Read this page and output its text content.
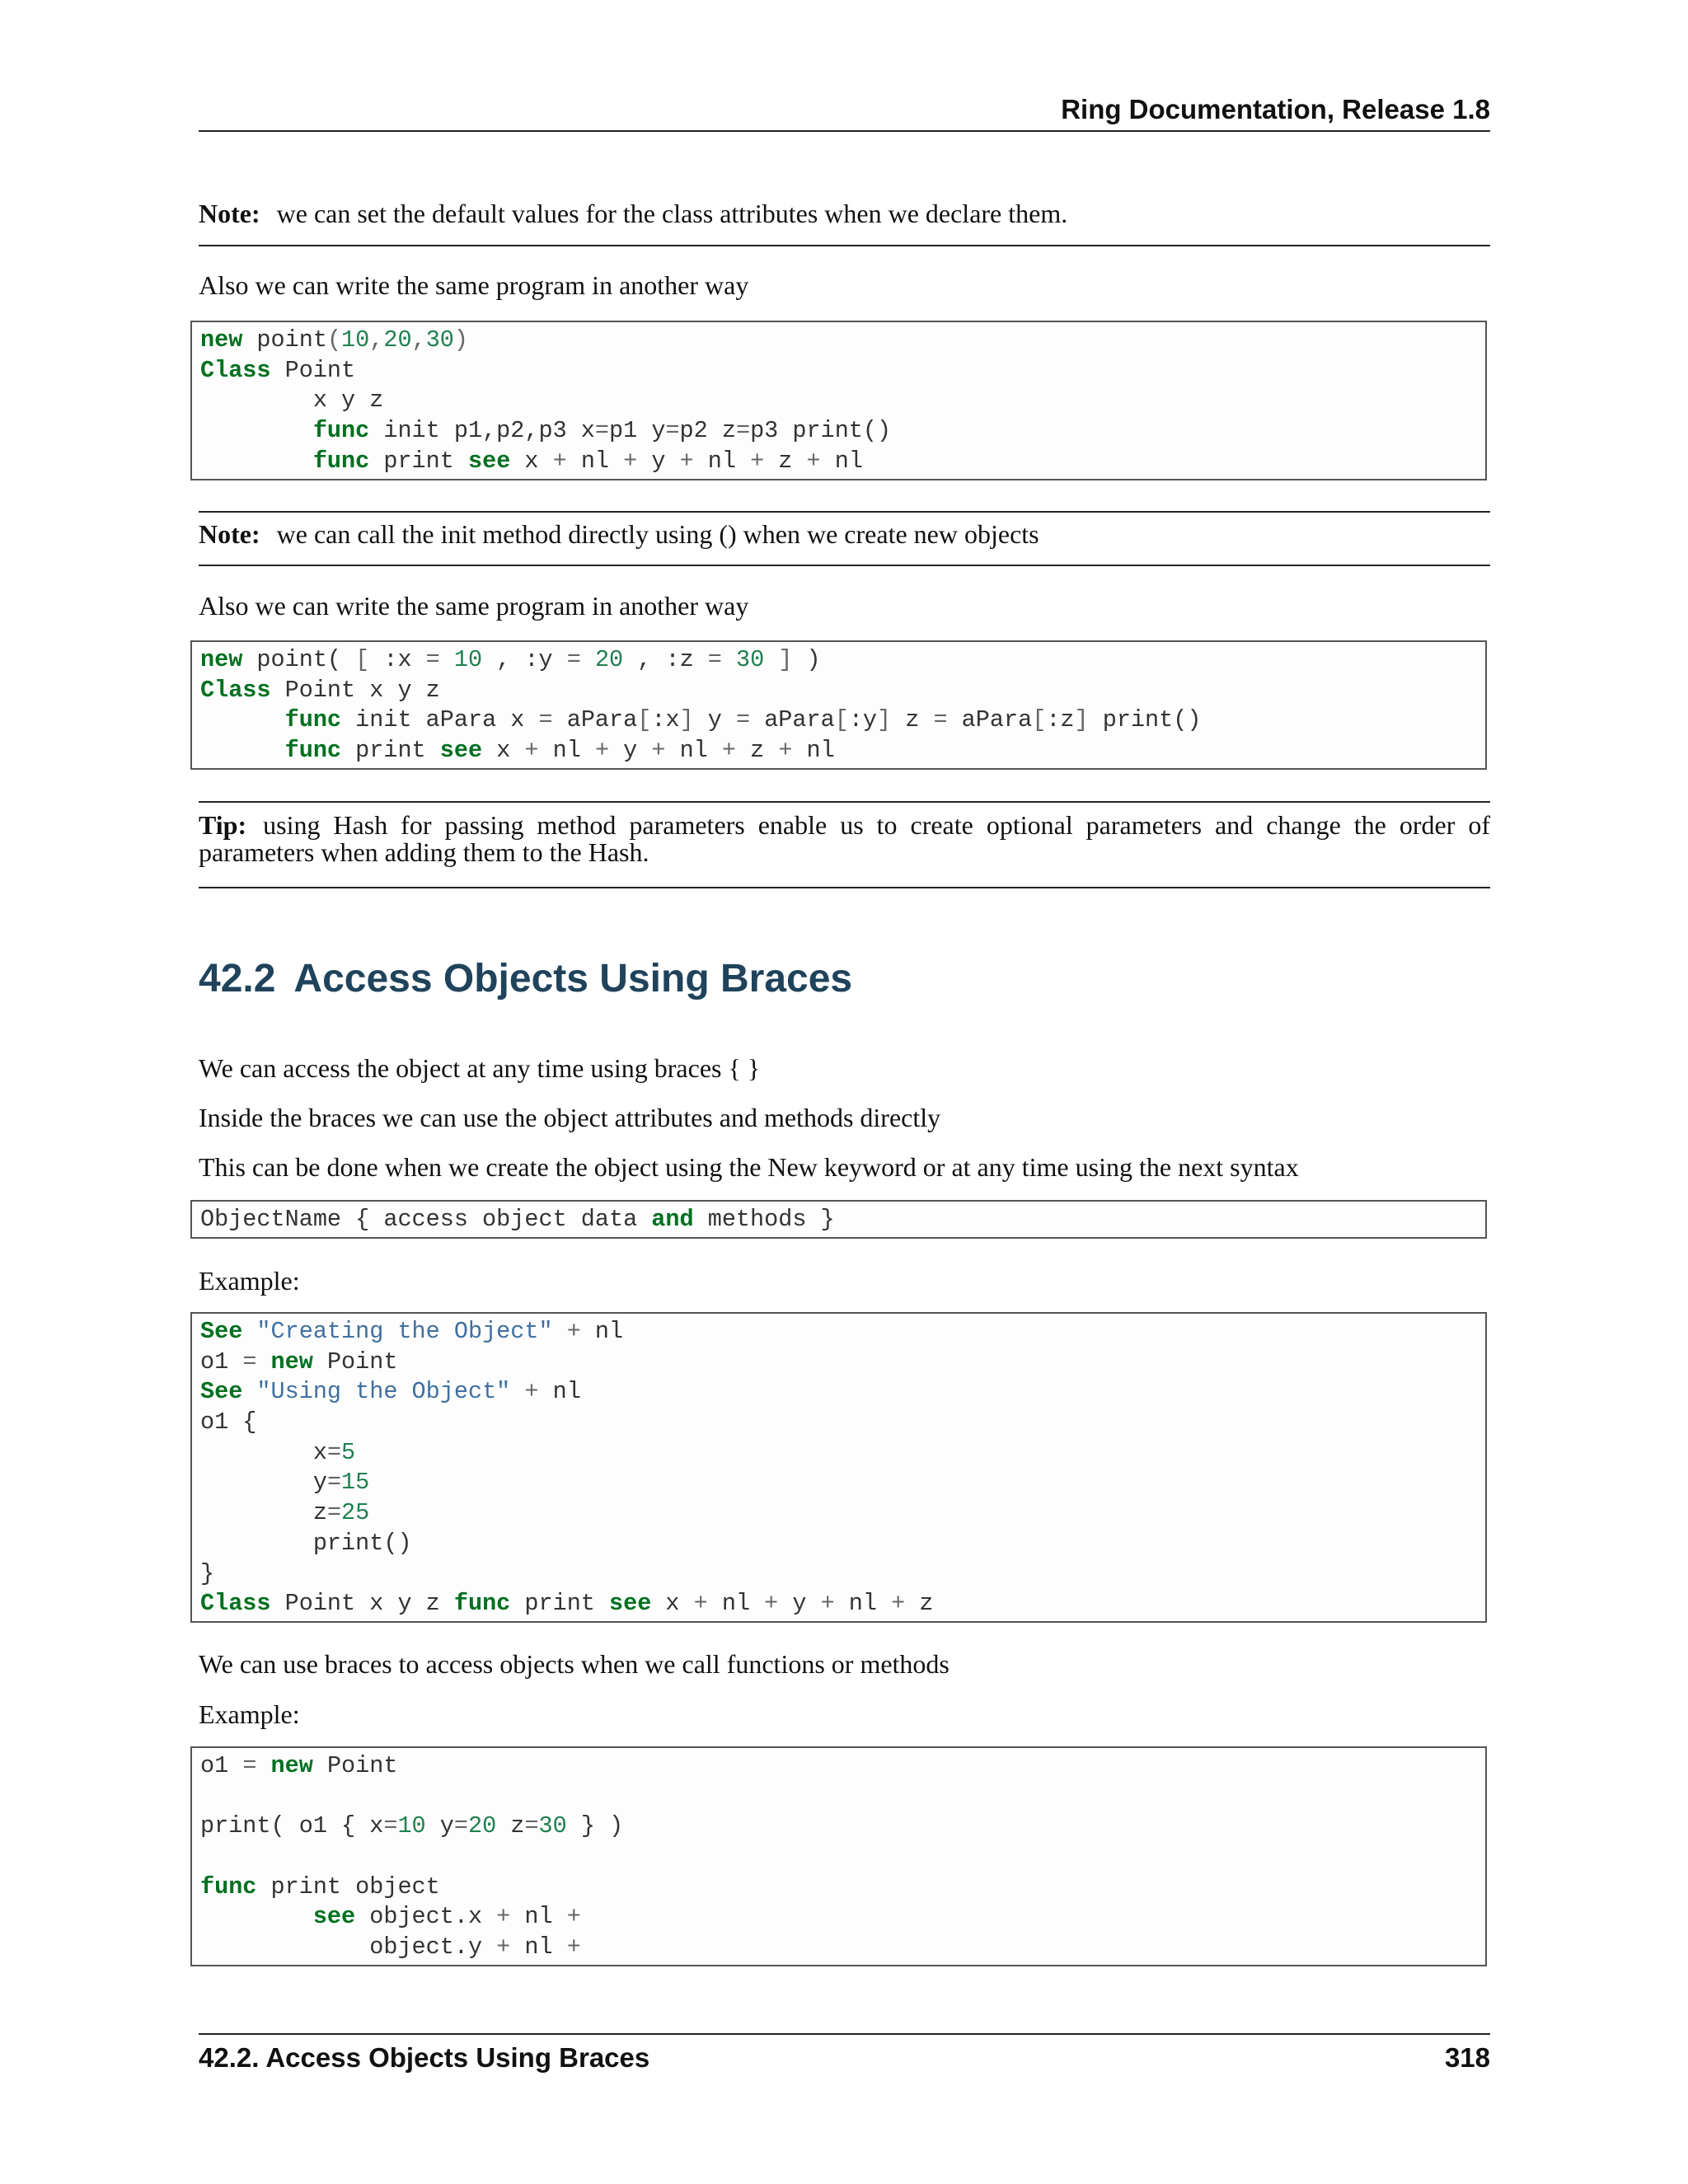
Ring Documentation, Release 1.8
Note: we can set the default values for the class attributes when we declare them.
Also we can write the same program in another way
new point(10,20,30)
Class Point
x y z
func init p1,p2,p3 x=p1 y=p2 z=p3 print()
func print see x + nl + y + nl + z + nl
Note: we can call the init method directly using () when we create new objects
Also we can write the same program in another way
new point( [ :x = 10 , :y = 20 , :z = 30 ] )
Class Point x y z
func init aPara x = aPara[:x] y = aPara[:y] z = aPara[:z] print()
func print see x + nl + y + nl + z + nl
Tip: using Hash for passing method parameters enable us to create optional parameters and change the order of parameters when adding them to the Hash.
42.2 Access Objects Using Braces
We can access the object at any time using braces { }
Inside the braces we can use the object attributes and methods directly
This can be done when we create the object using the New keyword or at any time using the next syntax
ObjectName { access object data and methods }
Example:
See "Creating the Object" + nl
o1 = new Point
See "Using the Object" + nl
o1 {
x=5
y=15
z=25
print()
}
Class Point x y z func print see x + nl + y + nl + z
We can use braces to access objects when we call functions or methods
Example:
o1 = new Point
print( o1 { x=10 y=20 z=30 } )
func print object
see object.x + nl +
object.y + nl +
42.2. Access Objects Using Braces	318
